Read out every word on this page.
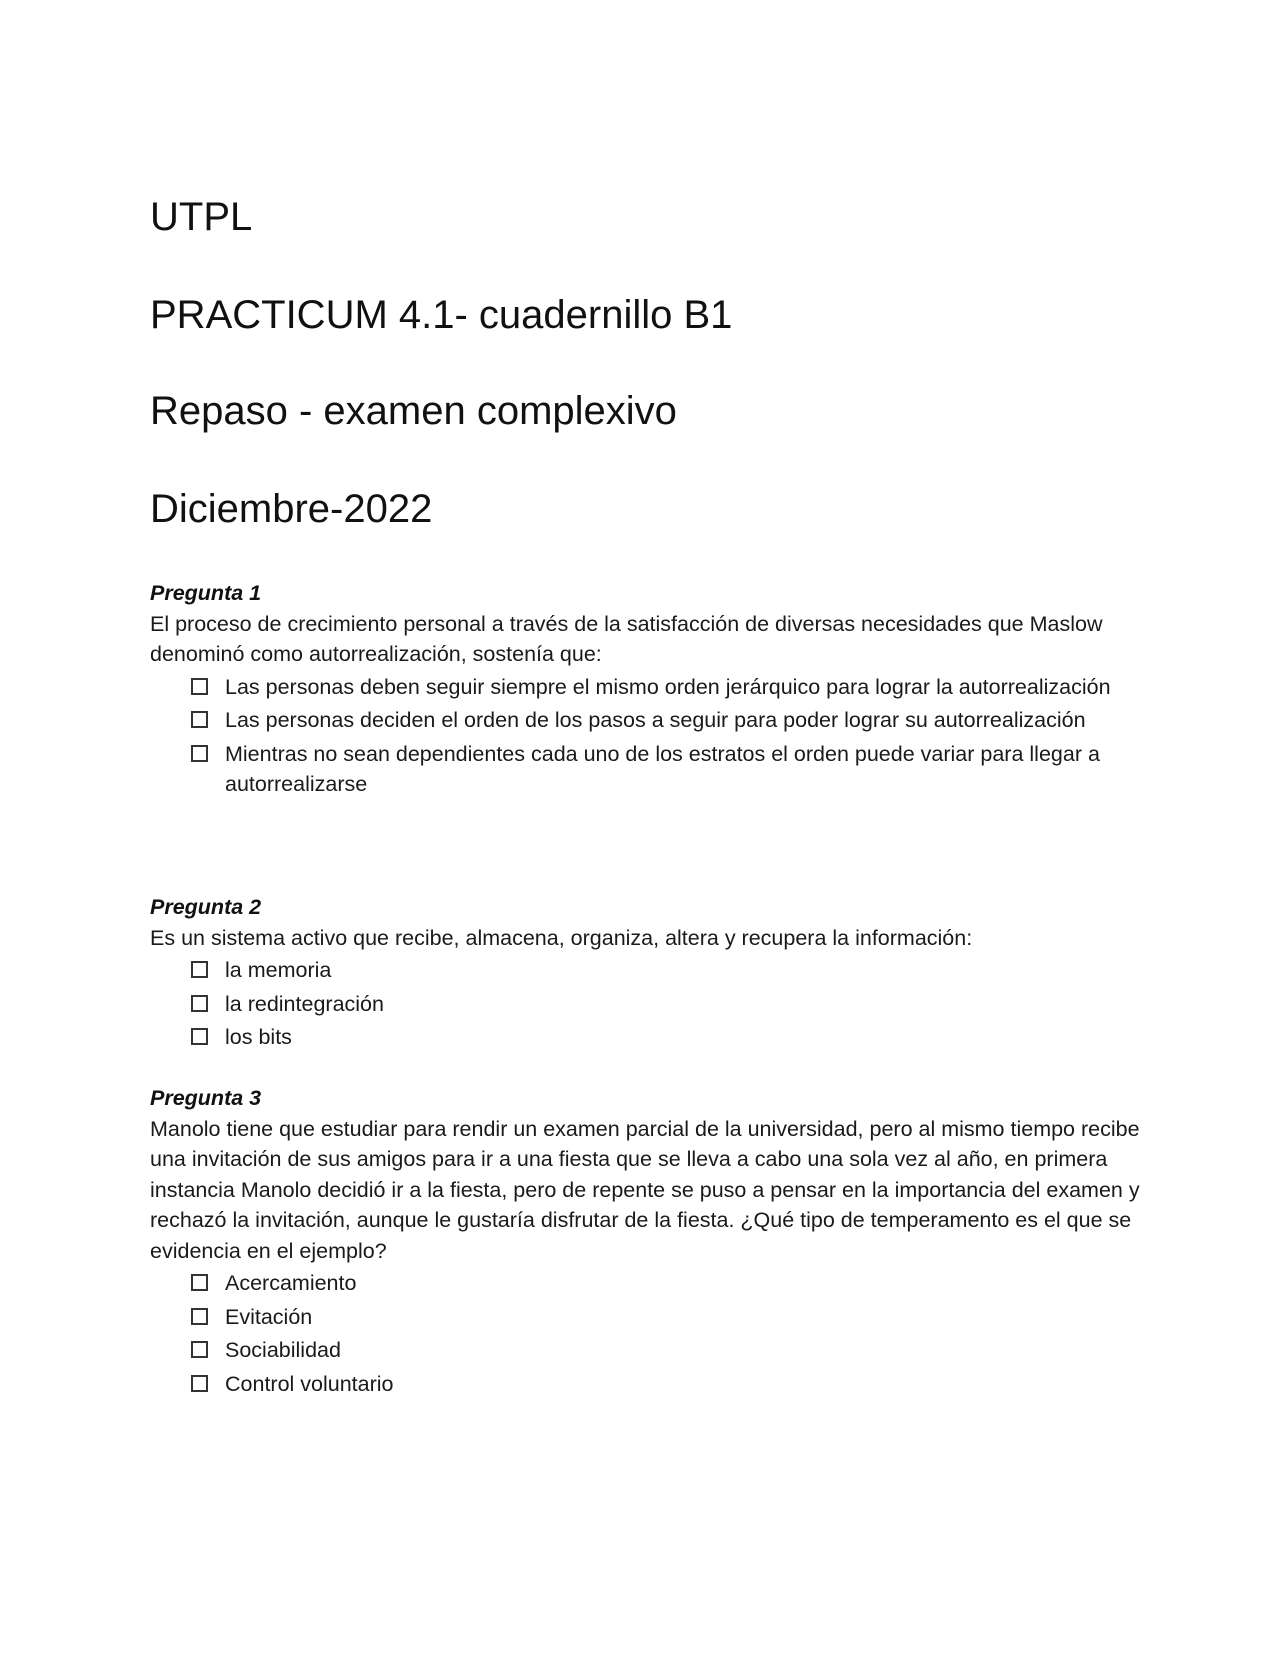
UTPL
PRACTICUM 4.1- cuadernillo B1
Repaso - examen complexivo
Diciembre-2022
Pregunta 1
El proceso de crecimiento personal a través de la satisfacción de diversas necesidades que Maslow denominó como autorrealización, sostenía que:
Las personas deben seguir siempre el mismo orden jerárquico para lograr la autorrealización
Las personas deciden el orden de los pasos a seguir para poder lograr su autorrealización
Mientras no sean dependientes cada uno de los estratos el orden puede variar para llegar a autorrealizarse
Pregunta 2
Es un sistema activo que recibe, almacena, organiza, altera y recupera la información:
la memoria
la redintegración
los bits
Pregunta 3
Manolo tiene que estudiar para rendir un examen parcial de la universidad, pero al mismo tiempo recibe una invitación de sus amigos para ir a una fiesta que se lleva a cabo una sola vez al año, en primera instancia Manolo decidió ir a la fiesta, pero de repente se puso a pensar en la importancia del examen y rechazó la invitación, aunque le gustaría disfrutar de la fiesta. ¿Qué tipo de temperamento es el que se evidencia en el ejemplo?
Acercamiento
Evitación
Sociabilidad
Control voluntario
